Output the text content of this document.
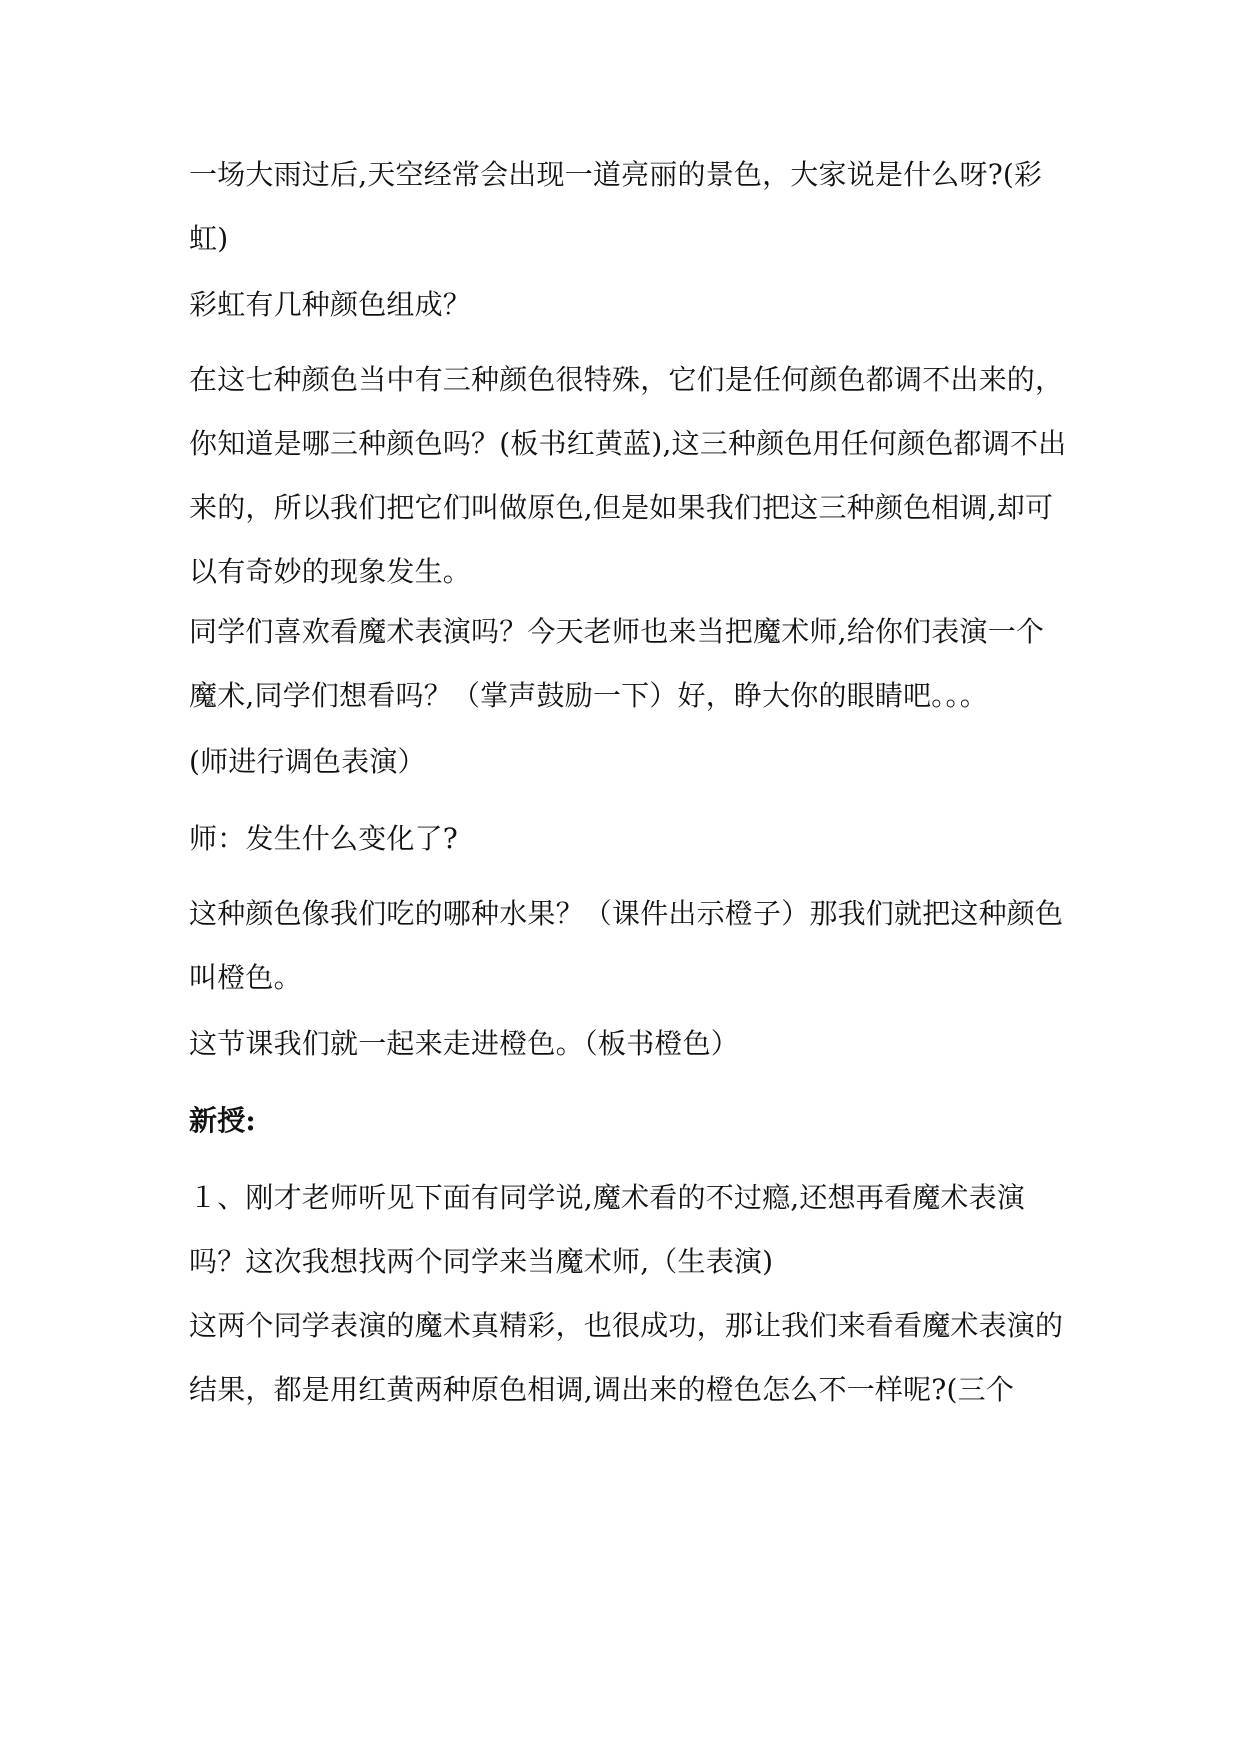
一场大雨过后,天空经常会出现一道亮丽的景色，大家说是什么呀?(彩虹)

彩虹有几种颜色组成？

在这七种颜色当中有三种颜色很特殊，它们是任何颜色都调不出来的，你知道是哪三种颜色吗？(板书红黄蓝),这三种颜色用任何颜色都调不出来的，所以我们把它们叫做原色,但是如果我们把这三种颜色相调,却可以有奇妙的现象发生。

同学们喜欢看魔术表演吗？今天老师也来当把魔术师,给你们表演一个魔术,同学们想看吗？（掌声鼓励一下）好，睁大你的眼睛吧。。。

(师进行调色表演）

师：发生什么变化了?

这种颜色像我们吃的哪种水果？（课件出示橙子）那我们就把这种颜色叫橙色。

这节课我们就一起来走进橙色。（板书橙色）

新授:

１、刚才老师听见下面有同学说,魔术看的不过瘾,还想再看魔术表演吗？这次我想找两个同学来当魔术师,（生表演)

这两个同学表演的魔术真精彩，也很成功，那让我们来看看魔术表演的结果，都是用红黄两种原色相调,调出来的橙色怎么不一样呢?(三个
